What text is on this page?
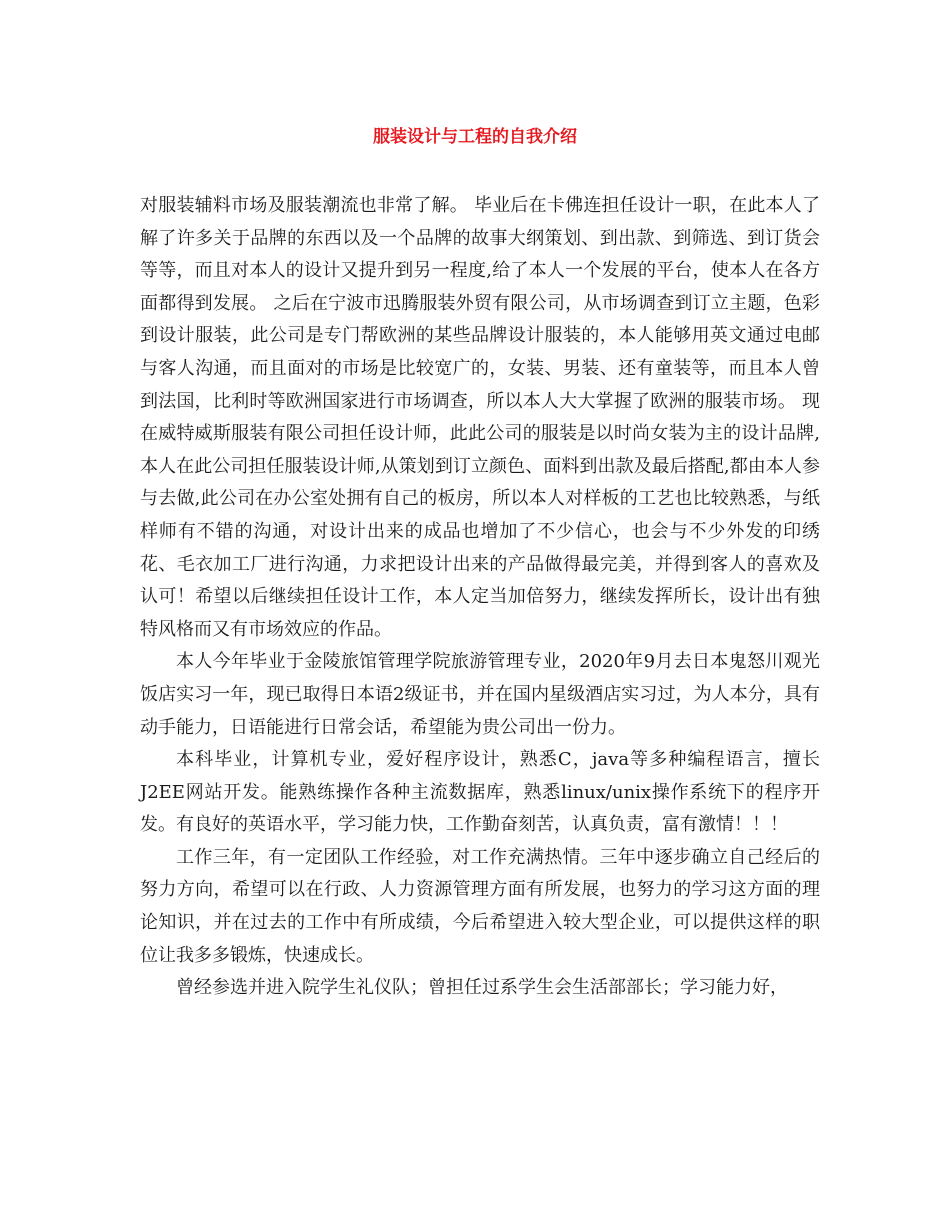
服装设计与工程的自我介绍

对服装辅料市场及服装潮流也非常了解。 毕业后在卡佛连担任设计一职，在此本人了解了许多关于品牌的东西以及一个品牌的故事大纲策划、到出款、到筛选、到订货会等等，而且对本人的设计又提升到另一程度,给了本人一个发展的平台，使本人在各方面都得到发展。 之后在宁波市迅腾服装外贸有限公司，从市场调查到订立主题，色彩到设计服装，此公司是专门帮欧洲的某些品牌设计服装的，本人能够用英文通过电邮与客人沟通，而且面对的市场是比较宽广的，女装、男装、还有童装等，而且本人曾到法国，比利时等欧洲国家进行市场调查，所以本人大大掌握了欧洲的服装市场。 现在威特威斯服装有限公司担任设计师，此此公司的服装是以时尚女装为主的设计品牌,本人在此公司担任服装设计师,从策划到订立颜色、面料到出款及最后搭配,都由本人参与去做,此公司在办公室处拥有自己的板房，所以本人对样板的工艺也比较熟悉，与纸样师有不错的沟通，对设计出来的成品也增加了不少信心，也会与不少外发的印绣花、毛衣加工厂进行沟通，力求把设计出来的产品做得最完美，并得到客人的喜欢及认可！希望以后继续担任设计工作，本人定当加倍努力，继续发挥所长，设计出有独特风格而又有市场效应的作品。

本人今年毕业于金陵旅馆管理学院旅游管理专业，2020年9月去日本鬼怒川观光饭店实习一年，现已取得日本语2级证书，并在国内星级酒店实习过，为人本分，具有动手能力，日语能进行日常会话，希望能为贵公司出一份力。

本科毕业，计算机专业，爱好程序设计，熟悉C，java等多种编程语言，擅长J2EE网站开发。能熟练操作各种主流数据库，熟悉linux/unix操作系统下的程序开发。有良好的英语水平，学习能力快，工作勤奋刻苦，认真负责，富有激情！！！

工作三年，有一定团队工作经验，对工作充满热情。三年中逐步确立自己经后的努力方向，希望可以在行政、人力资源管理方面有所发展，也努力的学习这方面的理论知识，并在过去的工作中有所成绩，今后希望进入较大型企业，可以提供这样的职位让我多多锻炼，快速成长。

曾经参选并进入院学生礼仪队；曾担任过系学生会生活部部长；学习能力好，
